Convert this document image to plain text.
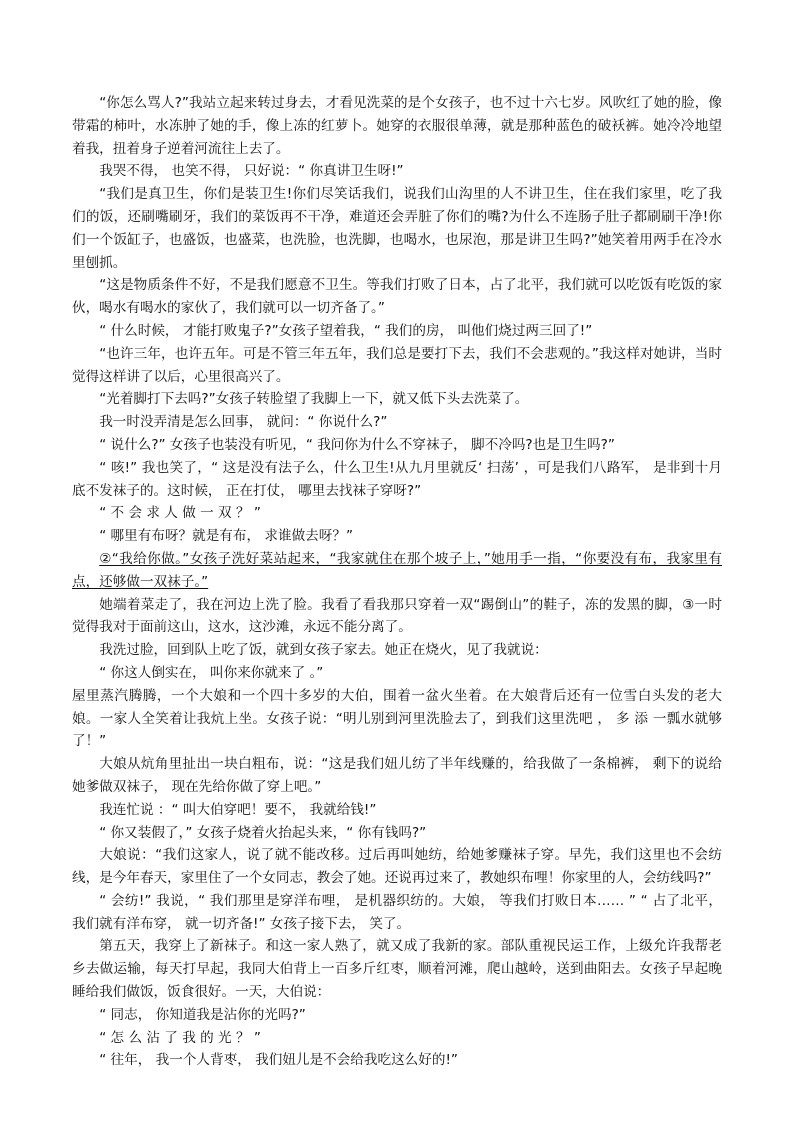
“你怎么骂人?”我站立起来转过身去，才看见洗菜的是个女孩子，也不过十六七岁。风吹红了她的脸，像带霜的柿叶，水冻肿了她的手，像上冻的红萝卜。她穿的衣服很单薄，就是那种蓝色的破袄裤。她冷冷地望着我，扭着身子逆着河流往上去了。

我哭不得， 也笑不得， 只好说：“ 你真讲卫生呀!”

“我们是真卫生，你们是装卫生!你们尽笑话我们，说我们山沟里的人不讲卫生，住在我们家里，吃了我们的饭，还刷嘴刷牙，我们的菜饭再不干净，难道还会弄脏了你们的嘴?为什么不连肠子肚子都刷刷干净!你们一个饭缸子，也盛饭，也盛菜，也洗脸，也洗脚，也喝水，也尿泡，那是讲卫生吗?”她笑着用两手在冷水里刨抓。

“这是物质条件不好，不是我们愿意不卫生。等我们打败了日本，占了北平，我们就可以吃饭有吃饭的家伙，喝水有喝水的家伙了，我们就可以一切齐备了。”

“ 什么时候， 才能打败鬼子?”女孩子望着我，“ 我们的房， 叫他们烧过两三回了!”

“也许三年，也许五年。可是不管三年五年，我们总是要打下去，我们不会悲观的。”我这样对她讲，当时觉得这样讲了以后，心里很高兴了。

“光着脚打下去吗?”女孩子转脸望了我脚上一下，就又低下头去洗菜了。

我一时没弄清是怎么回事， 就问：“ 你说什么?”

“ 说什么?” 女孩子也装没有听见，“ 我问你为什么不穿袜子， 脚不冷吗?也是卫生吗?”

“ 咳!” 我也笑了，“ 这是没有法子么，什么卫生!从九月里就反‘ 扫荡’ ，可是我们八路军， 是非到十月底不发袜子的。这时候， 正在打仗， 哪里去找袜子穿呀?”

“ 不 会 求 人 做 一 双 ？ ”

“ 哪里有布呀？就是有布， 求谁做去呀？”

②“我给你做。”女孩子洗好菜站起来，“我家就住在那个坡子上，”她用手一指，“你要没有布，我家里有点，还够做一双袜子。”

她端着菜走了，我在河边上洗了脸。我看了看我那只穿着一双“踢倒山”的鞋子，冻的发黑的脚，③一时觉得我对于面前这山，这水，这沙滩，永远不能分离了。

我洗过脸，回到队上吃了饭，就到女孩子家去。她正在烧火，见了我就说：

“ 你这人倒实在， 叫你来你就来了 。”

屋里蒸汽腾腾，一个大娘和一个四十多岁的大伯，围着一盆火坐着。在大娘背后还有一位雪白头发的老大娘。一家人全笑着让我炕上坐。女孩子说：“明儿别到河里洗脸去了，到我们这里洗吧 ， 多 添 一瓢水就够了！”

大娘从炕角里扯出一块白粗布，说：“这是我们妞儿纺了半年线赚的，给我做了一条棉裤， 剩下的说给她爹做双袜子， 现在先给你做了穿上吧。”

我连忙说 ：“ 叫大伯穿吧！要不， 我就给钱!”

“ 你又装假了，” 女孩子烧着火抬起头来，“ 你有钱吗?”

大娘说：“我们这家人，说了就不能改移。过后再叫她纺，给她爹赚袜子穿。早先，我们这里也不会纺线，是今年春天，家里住了一个女同志，教会了她。还说再过来了，教她织布哩！你家里的人，会纺线吗?”

“ 会纺!” 我说，“ 我们那里是穿洋布哩， 是机器织纺的。大娘， 等我们打败日本…… ” “ 占了北平， 我们就有洋布穿， 就一切齐备!” 女孩子接下去， 笑了。

第五天，我穿上了新袜子。和这一家人熟了，就又成了我新的家。部队重视民运工作，上级允许我帮老乡去做运输，每天打早起，我同大伯背上一百多斤红枣，顺着河滩，爬山越岭，送到曲阳去。女孩子早起晚睡给我们做饭，饭食很好。一天，大伯说：

“ 同志， 你知道我是沾你的光吗?”

“ 怎 么 沾 了 我 的 光 ？ ”

“ 往年， 我一个人背枣， 我们妞儿是不会给我吃这么好的!”
